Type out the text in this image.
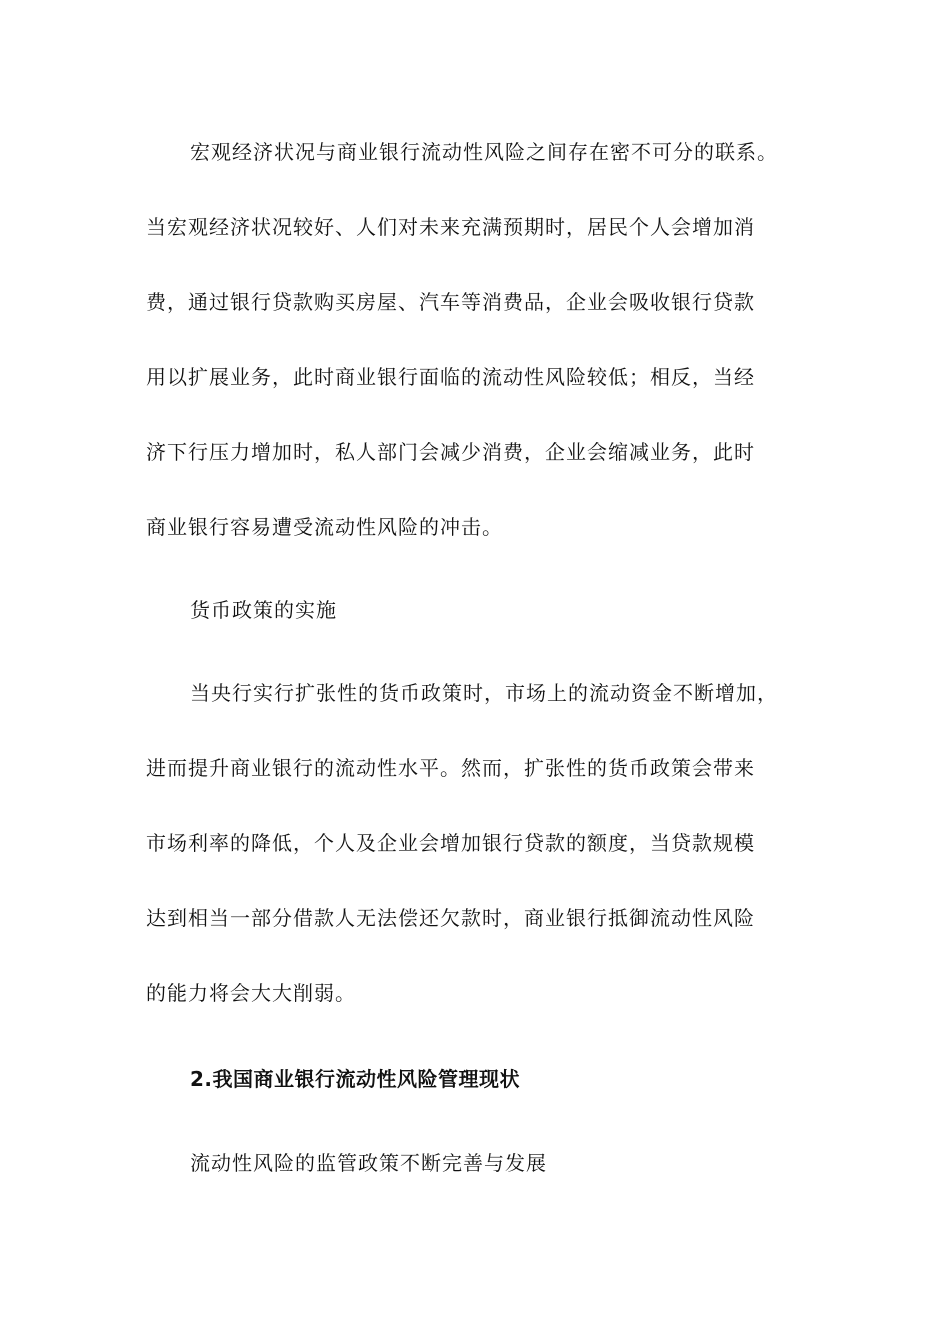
宏观经济状况与商业银行流动性风险之间存在密不可分的联系。
当宏观经济状况较好、人们对未来充满预期时，居民个人会增加消
费，通过银行贷款购买房屋、汽车等消费品，企业会吸收银行贷款
用以扩展业务，此时商业银行面临的流动性风险较低；相反，当经
济下行压力增加时，私人部门会减少消费，企业会缩减业务，此时
商业银行容易遭受流动性风险的冲击。
货币政策的实施
当央行实行扩张性的货币政策时，市场上的流动资金不断增加，
进而提升商业银行的流动性水平。然而，扩张性的货币政策会带来
市场利率的降低，个人及企业会增加银行贷款的额度，当贷款规模
达到相当一部分借款人无法偿还欠款时，商业银行抵御流动性风险
的能力将会大大削弱。
2.我国商业银行流动性风险管理现状
流动性风险的监管政策不断完善与发展
